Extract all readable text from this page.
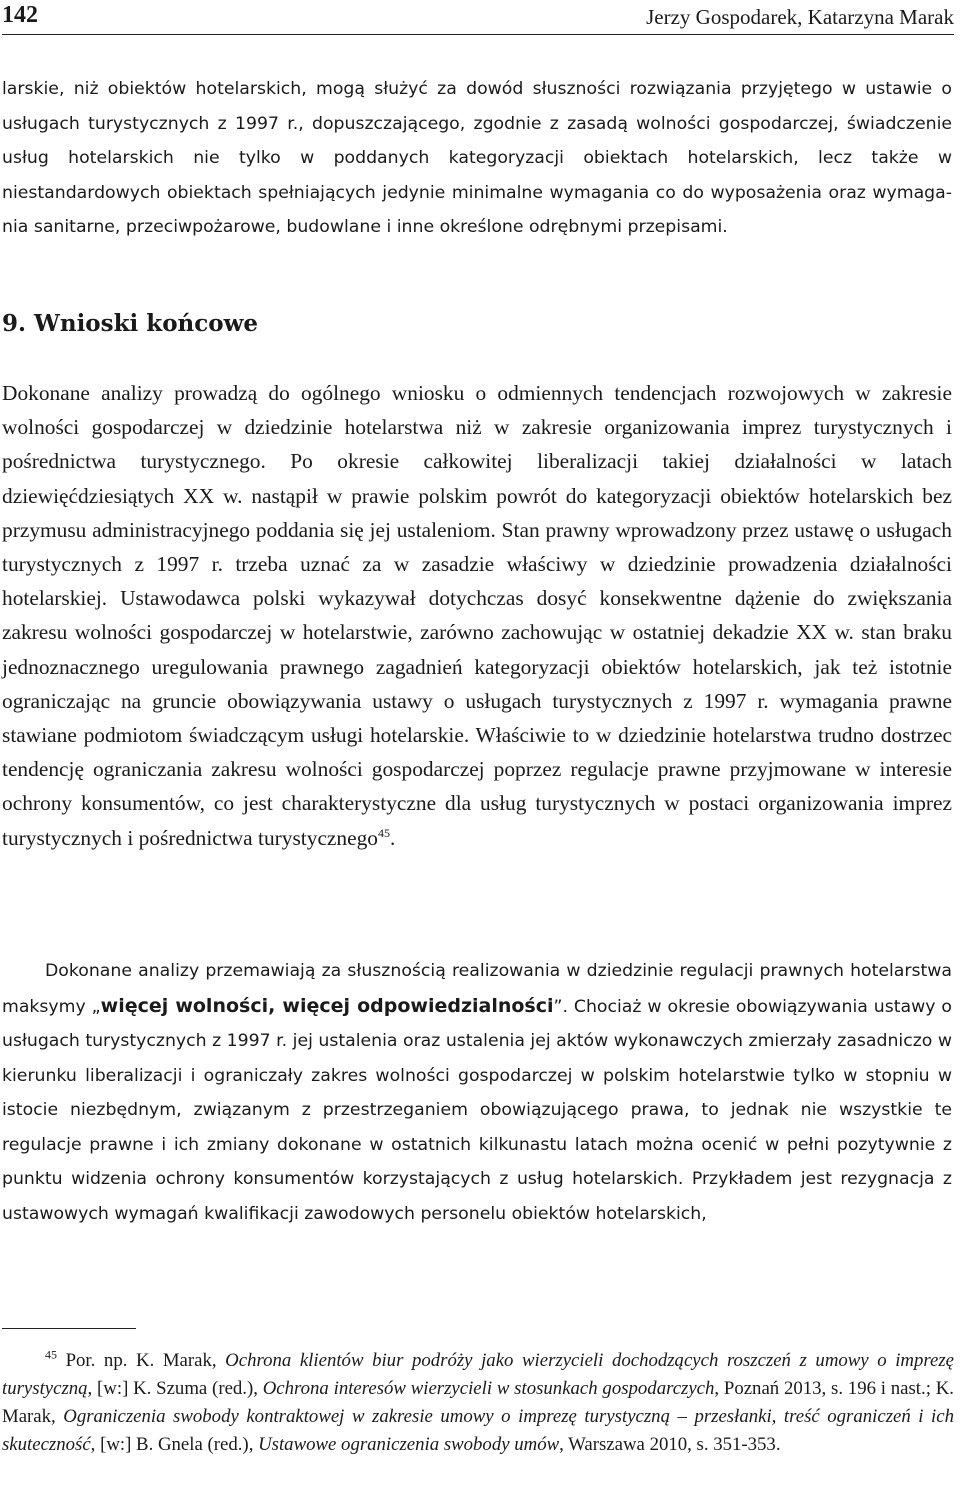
142	Jerzy Gospodarek, Katarzyna Marak

larskie, niż obiektów hotelarskich, mogą służyć za dowód słuszności rozwiązania przyjętego w ustawie o usługach turystycznych z 1997 r., dopuszczającego, zgodnie z zasadą wolności gospodarczej, świadczenie usług hotelarskich nie tylko w poddanych kategoryzacji obiektach hotelarskich, lecz także w niestandardowych obiektach spełniających jedynie minimalne wymagania co do wyposażenia oraz wymagania sanitarne, przeciwpożarowe, budowlane i inne określone odrębnymi przepisami.

9. Wnioski końcowe

Dokonane analizy prowadzą do ogólnego wniosku o odmiennych tendencjach rozwojowych w zakresie wolności gospodarczej w dziedzinie hotelarstwa niż w zakresie organizowania imprez turystycznych i pośrednictwa turystycznego. Po okresie całkowitej liberalizacji takiej działalności w latach dziewięćdziesiątych XX w. nastąpił w prawie polskim powrót do kategoryzacji obiektów hotelarskich bez przymusu administracyjnego poddania się jej ustaleniom. Stan prawny wprowadzony przez ustawę o usługach turystycznych z 1997 r. trzeba uznać za w zasadzie właściwy w dziedzinie prowadzenia działalności hotelarskiej. Ustawodawca polski wykazywał dotychczas dosyć konsekwentne dążenie do zwiększania zakresu wolności gospodarczej w hotelarstwie, zarówno zachowując w ostatniej dekadzie XX w. stan braku jednoznacznego uregulowania prawnego zagadnień kategoryzacji obiektów hotelarskich, jak też istotnie ograniczając na gruncie obowiązywania ustawy o usługach turystycznych z 1997 r. wymagania prawne stawiane podmiotom świadczącym usługi hotelarskie. Właściwie to w dziedzinie hotelarstwa trudno dostrzec tendencję ograniczania zakresu wolności gospodarczej poprzez regulacje prawne przyjmowane w interesie ochrony konsumentów, co jest charakterystyczne dla usług turystycznych w postaci organizowania imprez turystycznych i pośrednictwa turystycznego$^{45}$.

Dokonane analizy przemawiają za słusznością realizowania w dziedzinie regulacji prawnych hotelarstwa maksymy „więcej wolności, więcej odpowiedzialności”. Chociaż w okresie obowiązywania ustawy o usługach turystycznych z 1997 r. jej ustalenia oraz ustalenia jej aktów wykonawczych zmierzały zasadniczo w kierunku liberalizacji i ograniczały zakres wolności gospodarczej w polskim hotelarstwie tylko w stopniu w istocie niezbędnym, związanym z przestrzeganiem obowiązującego prawa, to jednak nie wszystkie te regulacje prawne i ich zmiany dokonane w ostatnich kilkunastu latach można ocenić w pełni pozytywnie z punktu widzenia ochrony konsumentów korzystających z usług hotelarskich. Przykładem jest rezygnacja z ustawowych wymagań kwalifikacji zawodowych personelu obiektów hotelarskich,

$^{45}$ Por. np. K. Marak, Ochrona klientów biur podróży jako wierzycieli dochodzących roszczeń z umowy o imprezę turystyczną, [w:] K. Szuma (red.), Ochrona interesów wierzycieli w stosunkach gospodarczych, Poznań 2013, s. 196 i nast.; K. Marak, Ograniczenia swobody kontraktowej w zakresie umowy o imprezę turystyczną – przesłanki, treść ograniczeń i ich skuteczność, [w:] B. Gnela (red.), Ustawowe ograniczenia swobody umów, Warszawa 2010, s. 351-353.
